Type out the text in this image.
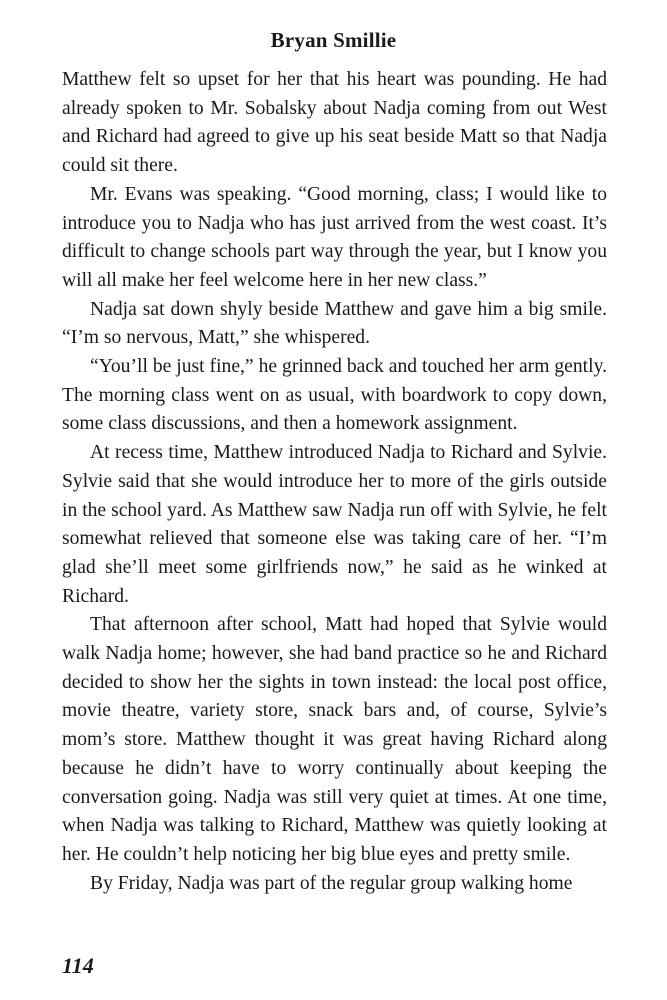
Bryan Smillie

Matthew felt so upset for her that his heart was pounding. He had already spoken to Mr. Sobalsky about Nadja coming from out West and Richard had agreed to give up his seat beside Matt so that Nadja could sit there.

Mr. Evans was speaking. “Good morning, class; I would like to introduce you to Nadja who has just arrived from the west coast. It’s difficult to change schools part way through the year, but I know you will all make her feel welcome here in her new class.”

Nadja sat down shyly beside Matthew and gave him a big smile. “I’m so nervous, Matt,” she whispered.

“You’ll be just fine,” he grinned back and touched her arm gently. The morning class went on as usual, with boardwork to copy down, some class discussions, and then a homework assignment.

At recess time, Matthew introduced Nadja to Richard and Sylvie. Sylvie said that she would introduce her to more of the girls outside in the school yard. As Matthew saw Nadja run off with Sylvie, he felt somewhat relieved that someone else was taking care of her. “I’m glad she’ll meet some girlfriends now,” he said as he winked at Richard.

That afternoon after school, Matt had hoped that Sylvie would walk Nadja home; however, she had band practice so he and Richard decided to show her the sights in town instead: the local post office, movie theatre, variety store, snack bars and, of course, Sylvie’s mom’s store. Matthew thought it was great having Richard along because he didn’t have to worry continually about keeping the conversation going. Nadja was still very quiet at times. At one time, when Nadja was talking to Richard, Matthew was quietly looking at her. He couldn’t help noticing her big blue eyes and pretty smile.

By Friday, Nadja was part of the regular group walking home

114
